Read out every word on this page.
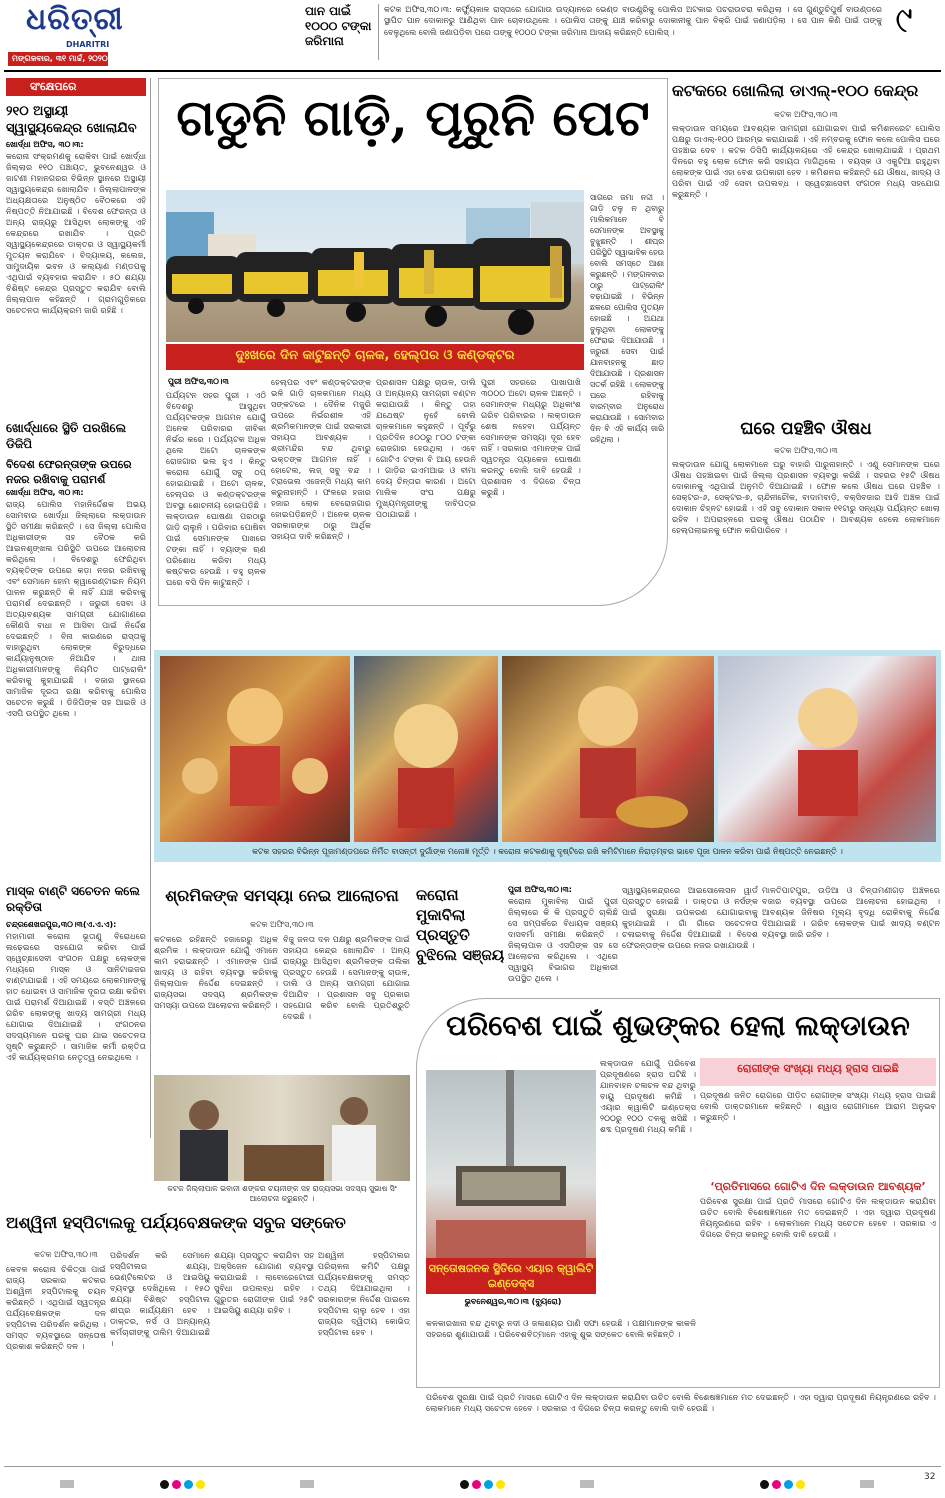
ଧରିତ୍ରୀ
DHARITRI
ମଙ୍ଗଳବାର, ୩୧ ମାର୍ଚ୍ଚ, ୨୦୨୦
ପାନ ପାଇଁ ୧୦୦୦ ଟଙ୍କା ଜରିମାନା
କଟକ ଅଫିସ,୩୦।୩: କର୍ଫ୍ୟୁକାଳ ରାସ୍ତାରେ ଯୋଗାଉ ଉଦ୍ୟାନରେ ଭେଣ୍ଡ ବାଉଣ୍ଡ୍ରିକୁ ପୋଲିସ ଅଟକାଇ ପଚରାଉଚରା କରିଥିଲା । ସେ ଗୁଣ୍ଡୁଚିପୁର୍ଷ ବାଉଣ୍ଡରେ ସ୍ଥାପିତ ପାନ ଦୋକାନରୁ ଆଣିଥିବା ପାନ ଚୋବାଉଥିଲେ । ପୋଲିସ ତାଙ୍କୁ ଯାଞ୍ଚ କରିବାରୁ ଦୋକାନୀକୁ ପାନ ବିକ୍ରି ପାଇଁ ଜଣାପଡ଼ିଲା । ସେ ପାନ କିଣି ପାଇଁ ତାଙ୍କୁ ବେଳୁଥିଲେ ବୋଲି ଜଣାପଡ଼ିବା ପରେ ତାଙ୍କୁ ୧୦୦୦ ଟଙ୍କା ଜରିମାନା ଆଦାୟ କରିଛନ୍ତି ପୋଲିସ୍ ।	୯
ସଂକ୍ଷେପରେ
୨୧୦ ଅସ୍ଥାୟୀ ସ୍ୱାସ୍ଥ୍ୟକେନ୍ଦ୍ର ଖୋଲାଯିବ
ଖୋର୍ଦ୍ଧା ଅଫିସ, ୩୦।୩:
କରୋନା ସଂକ୍ରମଣକୁ ରୋକିବା ପାଇଁ ଖୋର୍ଦ୍ଧା ଜିଲ୍ଲାର ୧୧୦ ପଞ୍ଚାୟତ, ଭୁବନେଶ୍ୱର ଓ ଜାଟଣୀ ମହାନଗରର ବିଭିନ୍ନ ସ୍ଥାନରେ ଅସ୍ଥାୟୀ ସ୍ୱାସ୍ଥ୍ୟକେନ୍ଦ୍ର ଖୋଲାଯିବ । ଜିଲ୍ଲାପାଳଙ୍କ ଅଧ୍ୟକ୍ଷତାରେ ଅନୁଷ୍ଠିତ ବୈଠକରେ ଏହି ନିଷ୍ପତ୍ତି ନିଆଯାଇଛି । ବିଦେଶ ଫେରନ୍ତା ଓ ଅନ୍ୟ ରାଜ୍ୟରୁ ଆସିଥିବା ଲୋକଙ୍କୁ ଏହି କେନ୍ଦ୍ରରେ ରଖାଯିବ । ପ୍ରତି ସ୍ୱାସ୍ଥ୍ୟକେନ୍ଦ୍ରରେ ଡାକ୍ତର ଓ ସ୍ୱାସ୍ଥ୍ୟକର୍ମୀ ମୁତୟନ କରାଯିବେ । ବିଦ୍ୟାଳୟ, କଲେଜ, ସାମୁଦାୟିକ ଭବନ ଓ କଲ୍ୟାଣ ମଣ୍ଡପକୁ ଏଥିପାଇଁ ବ୍ୟବହାର କରାଯିବ । ୫୦ ଶଯ୍ୟା ବିଶିଷ୍ଟ କେନ୍ଦ୍ର ପ୍ରସ୍ତୁତ କରାଯିବ ବୋଲି ଜିଲ୍ଲାପାଳ କହିଛନ୍ତି । ଗ୍ରାମଗୁଡ଼ିକରେ ସଚେତନତା କାର୍ଯ୍ୟକ୍ରମ ଜାରି ରହିଛି ।
ଖୋର୍ଦ୍ଧାରେ ସ୍ଥିତି ପରଖିଲେ ଡିଜିପି
ବିଦେଶ ଫେରନ୍ତାଙ୍କ ଉପରେ ନଜର ରଖିବାକୁ ପରାମର୍ଶ
ଖୋର୍ଦ୍ଧା ଅଫିସ, ୩୦।୩:
ରାଜ୍ୟ ପୋଲିସ ମହାନିର୍ଦ୍ଦେଶକ ଅଭୟ ସୋମବାର ଖୋର୍ଦ୍ଧା ଜିଲ୍ଲାରେ ଲକ୍‌ଡାଉନ ସ୍ଥିତି ସମୀକ୍ଷା କରିଛନ୍ତି । ସେ ଜିଲ୍ଲା ପୋଲିସ ଅଧିକାରୀଙ୍କ ସହ ବୈଠକ କରି ଆଇନଶୃଙ୍ଖଳା ପରିସ୍ଥିତି ଉପରେ ଆଲୋଚନା କରିଥିଲେ । ବିଦେଶରୁ ଫେରିଥିବା ବ୍ୟକ୍ତିଙ୍କ ଉପରେ କଡ଼ା ନଜର ରଖିବାକୁ ଏବଂ ସେମାନେ ହୋମ କ୍ୱାରେଣ୍ଟାଇନ ନିୟମ ପାଳନ କରୁଛନ୍ତି କି ନାହିଁ ଯାଞ୍ଚ କରିବାକୁ ପରାମର୍ଶ ଦେଇଛନ୍ତି । ଜରୁରୀ ସେବା ଓ ଅତ୍ୟାବଶ୍ୟକ ସାମଗ୍ରୀ ଯୋଗାଣରେ କୌଣସି ବାଧା ନ ଆସିବା ପାଇଁ ନିର୍ଦ୍ଦେଶ ଦେଇଛନ୍ତି । ବିନା କାରଣରେ ରାସ୍ତାକୁ ବାହାରୁଥିବା ଲୋକଙ୍କ ବିରୁଦ୍ଧରେ କାର୍ଯ୍ୟାନୁଷ୍ଠାନ ନିଆଯିବ । ଥାନା ଅଧିକାରୀମାନଙ୍କୁ ନିୟମିତ ପାଟ୍ରୋଲିଂ କରିବାକୁ କୁହାଯାଇଛି । ବଜାର ସ୍ଥାନରେ ସାମାଜିକ ଦୂରତା ରକ୍ଷା କରିବାକୁ ପୋଲିସ ସଚେତନ କରୁଛି । ଡିଜିପିଙ୍କ ସହ ଆଇଜି ଓ ଏସପି ଉପସ୍ଥିତ ଥିଲେ ।
ମାସ୍କ ବାଣ୍ଟି ସଚେତନ କଲେ ରକ୍ତିତା
ଚନ୍ଦ୍ରଶେଖରପୁର,୩୦।୩(ଏ.ଏ.ଏ):
ମହାମାରୀ କରୋନା ଭୂତାଣୁ ବିରୋଧରେ ଲଢ଼େଇରେ ସହଯୋଗ କରିବା ପାଇଁ ସ୍ୱେଚ୍ଛାସେବୀ ସଂଗଠନ ପକ୍ଷରୁ ଲୋକଙ୍କ ମଧ୍ୟରେ ମାସ୍କ ଓ ସାନିଟାଇଜର ବାଣ୍ଟାଯାଇଛି । ଏହି ସମୟରେ ଲୋକମାନଙ୍କୁ ହାତ ଧୋଇବା ଓ ସାମାଜିକ ଦୂରତା ରକ୍ଷା କରିବା ପାଇଁ ପରାମର୍ଶ ଦିଆଯାଇଛି । ବସ୍ତି ଅଞ୍ଚଳରେ ଗରିବ ଲୋକଙ୍କୁ ଖାଦ୍ୟ ସାମଗ୍ରୀ ମଧ୍ୟ ଯୋଗାଇ ଦିଆଯାଇଛି । ସଂଗଠନର ସଦସ୍ୟମାନେ ଘରକୁ ଘର ଯାଇ ସଚେତନତା ସୃଷ୍ଟି କରୁଛନ୍ତି । ସାମାଜିକ କର୍ମୀ ରକ୍ତିତା ଏହି କାର୍ଯ୍ୟକ୍ରମର ନେତୃତ୍ୱ ନେଇଥିଲେ ।
ଗଡୁନି ଗାଡ଼ି, ପୂରୁନି ପେଟ
ଦୁଃଖରେ ଦିନ କାଟୁଛନ୍ତି ଚାଳକ, ହେଲ୍‌ପର ଓ କଣ୍ଡକ୍ଟର
ସାଗରେ ଜମା ନଦ୍ଦୀ । ଗାଡ଼ି ଚଳୁ ନ ଥିବାରୁ ମାଲିକମାନେ ବି ସେମାନଙ୍କ ଅବସ୍ଥାକୁ ବୁଝୁଛନ୍ତି । ଶୀଘ୍ର ପରିସ୍ଥିତି ସ୍ୱାଭାବିକ ହେଉ ବୋଲି ସମସ୍ତେ ଆଶା କରୁଛନ୍ତି । ମଙ୍ଗଳବାର ଠାରୁ ପାଟ୍ରୋଲିଂ ବଢ଼ାଯାଇଛି । ବିଭିନ୍ନ ଛକରେ ପୋଲିସ ମୁତୟନ ହୋଇଛି । ଅଯଥା ବୁଲୁଥିବା ଲୋକଙ୍କୁ ଫେରାଇ ଦିଆଯାଉଛି । ଜରୁରୀ ସେବା ପାଇଁ ଯାନବାହନକୁ ଛାଡ଼ ଦିଆଯାଉଛି । ପ୍ରଶାସନ ସତର୍କ ରହିଛି । ଲୋକଙ୍କୁ ଘରେ ରହିବାକୁ ବାରମ୍ବାର ଅନୁରୋଧ କରାଯାଉଛି । ସୋମବାର ଦିନ ବି ଏହି କାର୍ଯ୍ୟ ଜାରି ରହିଥିଲା ।
ପୁରୀ ଅଫିସ,୩୦।୩
ପର୍ଯ୍ୟଟନ ସହର ପୁରୀ । ଏଠି ବିଦେଶରୁ ଆସୁଥିବା ପର୍ଯ୍ୟଟକଙ୍କ ଆଗମନ ଯୋଗୁଁ ଅନେକ ପରିବାରର ଜୀବିକା ନିର୍ଭର କରେ । ପର୍ଯ୍ୟଟକ ଅଧିକ ଥିଲେ ଅଟୋ ଚାଳକଙ୍କ ରୋଜଗାର ଭଲ ହୁଏ । କିନ୍ତୁ କରୋନା ଯୋଗୁଁ ସବୁ ଠପ୍ ହୋଇଯାଇଛି । ଅଟୋ ଚାଳକ, ହେଲ୍‌ପର ଓ କଣ୍ଡକ୍ଟରଙ୍କ ଅବସ୍ଥା ଶୋଚନୀୟ ହୋଇପଡ଼ିଛି । ଲକ୍‌ଡାଉନ ଘୋଷଣା ପରଠାରୁ ଗାଡ଼ି ଚାଲୁନି । ପରିବାର ପୋଷିବା ପାଇଁ ସେମାନଙ୍କ ପାଖରେ ଟଙ୍କା ନାହିଁ । ବ୍ୟାଙ୍କ ଋଣ ପରିଶୋଧ କରିବା ମଧ୍ୟ କଷ୍ଟକର ହେଉଛି । ବହୁ ଚାଳକ ଘରେ ବସି ଦିନ କାଟୁଛନ୍ତି ।
ହେଲ୍‌ପର ଏବଂ କଣ୍ଡକ୍ଟରଙ୍କ ଭଳି ଗାଡ଼ି ଚାଳକମାନେ ମଧ୍ୟ ସଙ୍କଟରେ । ଦୈନିକ ମଜୁରି ଉପରେ ନିର୍ଭରଶୀଳ ଏହି ଶ୍ରମିକମାନଙ୍କ ପାଇଁ ସରକାରୀ ସହାୟତା ଆବଶ୍ୟକ । ଶ୍ରୀମନ୍ଦିର ବନ୍ଦ ଥିବାରୁ ଭକ୍ତଙ୍କ ଆଗମନ ନାହିଁ । ହୋଟେଲ, ଲଜ୍ ସବୁ ବନ୍ଦ । ଟ୍ରାଭେଲ ଏଜେନ୍ସି ମଧ୍ୟ କାମ କରୁନାହାନ୍ତି । ଫଳରେ ହଜାର ହଜାର ଲୋକ ବେରୋଜଗାର ହୋଇପଡ଼ିଛନ୍ତି । ଅନେକ ଚାଳକ ସରକାରଙ୍କ ଠାରୁ ଆର୍ଥିକ ସହାୟତା ଦାବି କରିଛନ୍ତି ।
ପ୍ରଶାସନ ପକ୍ଷରୁ ଚାଉଳ, ଡାଲି ଓ ଅନ୍ୟାନ୍ୟ ସାମଗ୍ରୀ ବଣ୍ଟନ କରାଯାଉଛି । କିନ୍ତୁ ତାହା ଯଥେଷ୍ଟ ନୁହେଁ ବୋଲି ଚାଳକମାନେ କହୁଛନ୍ତି । ପୂର୍ବରୁ ପ୍ରତିଦିନ ୫୦୦ରୁ ୮୦୦ ଟଙ୍କା ରୋଜଗାର ହେଉଥିଲା । ଏବେ ଗୋଟିଏ ଟଙ୍କା ବି ଆୟ ହେଉନି । ଗାଡ଼ିର ଇଏମଆଇ ଓ ବୀମା ଦେୟ ଚିନ୍ତାର କାରଣ । ଅଟୋ ମାଲିକ ସଂଘ ପକ୍ଷରୁ ମୁଖ୍ୟମନ୍ତ୍ରୀଙ୍କୁ ଦାବିପତ୍ର ପଠାଯାଇଛି ।
ପୁରୀ ସହରରେ ପାଖାପାଖି ୩୦୦୦ ଅଟୋ ଚାଳକ ଅଛନ୍ତି । ସେମାନଙ୍କ ମଧ୍ୟରୁ ଅଧିକାଂଶ ଗରିବ ପରିବାରର । ଲକ୍‌ଡାଉନ ଶେଷ ନହେବା ପର୍ଯ୍ୟନ୍ତ ସେମାନଙ୍କ ସମସ୍ୟା ଦୂର ହେବ ନାହିଁ । ସରକାର ଏମାନଙ୍କ ପାଇଁ ସ୍ୱତନ୍ତ୍ର ପ୍ୟାକେଜ ଘୋଷଣା କରନ୍ତୁ ବୋଲି ଦାବି ହେଉଛି । ପ୍ରଶାସନ ଏ ଦିଗରେ ଚିନ୍ତା କରୁଛି ।
କଟକରେ ଖୋଲିଲା ଡାଏଲ୍-୧୦୦ କେନ୍ଦ୍ର
କଟକ ଅଫିସ,୩୦।୩
ଲକ୍‌ଡାଉନ ସମୟରେ ଆବଶ୍ୟକ ସାମଗ୍ରୀ ଯୋଗାଇବା ପାଇଁ କମିଶନରେଟ ପୋଲିସ ପକ୍ଷରୁ ଡାଏଲ୍-୧୦୦ ଆରମ୍ଭ କରାଯାଇଛି । ଏହି ନମ୍ବରକୁ ଫୋନ କଲେ ପୋଲିସ ଘରେ ପହଞ୍ଚାଇ ଦେବ । କଟକ ଡିସିପି କାର୍ଯ୍ୟାଳୟରେ ଏହି କେନ୍ଦ୍ର ଖୋଲାଯାଇଛି । ପ୍ରଥମ ଦିନରେ ବହୁ ଲୋକ ଫୋନ କରି ସହାୟତା ମାଗିଥିଲେ । ବୟସ୍କ ଓ ଏକୁଟିଆ ରହୁଥିବା ଲୋକଙ୍କ ପାଇଁ ଏହା ବେଶ ଉପକାରୀ ହେବ । କମିଶନର କହିଛନ୍ତି ଯେ ଔଷଧ, ଖାଦ୍ୟ ଓ ପରିବା ପାଇଁ ଏହି ସେବା ଉପଲବ୍ଧ । ସ୍ୱେଚ୍ଛାସେବୀ ସଂଗଠନ ମଧ୍ୟ ସହଯୋଗ କରୁଛନ୍ତି ।
ଘରେ ପହଞ୍ଚିବ ଔଷଧ
କଟକ ଅଫିସ,୩୦।୩
ଲକ୍‌ଡାଉନ ଯୋଗୁ ଲୋକମାନେ ଘରୁ ବାହାରି ପାରୁନାହାନ୍ତି । ଏଣୁ ସେମାନଙ୍କ ଘରେ ଔଷଧ ପହଞ୍ଚାଇବା ପାଇଁ ଜିଲ୍ଲା ପ୍ରଶାସନ ବ୍ୟବସ୍ଥା କରିଛି । ସହରର ୧୫ଟି ଔଷଧ ଦୋକାନକୁ ଏଥିପାଇଁ ଅନୁମତି ଦିଆଯାଇଛି । ଫୋନ କଲେ ଔଷଧ ଘରେ ପହଞ୍ଚିବ । ସେକ୍ଟର-୬, ସେକ୍ଟର-୭, ଚାନ୍ଦିନୀଚୌକ, ବାଦାମବାଡ଼ି, ବକ୍ସିବଜାର ଆଦି ଅଞ୍ଚଳ ପାଇଁ ଦୋକାନ ଚିହ୍ନଟ ହୋଇଛି । ଏହି ସବୁ ଦୋକାନ ସକାଳ ୧୧ଟାରୁ ସନ୍ଧ୍ୟା ପର୍ଯ୍ୟନ୍ତ ଖୋଲା ରହିବ । ଅପରାହ୍ନରେ ଘରକୁ ଔଷଧ ପଠାଯିବ । ଆବଶ୍ୟକ ହେଲେ ଲୋକମାନେ ହେଲ୍ପଲାଇନକୁ ଫୋନ କରିପାରିବେ ।
କଟକ ସହରର ବିଭିନ୍ନ ପୂଜାମଣ୍ଡପରେ ନିର୍ମିତ ବାସନ୍ତୀ ଦୁର୍ଗାଙ୍କ ମନୋଜ୍ଞ ମୂର୍ତ୍ତି । କରୋନା କଟକଣାକୁ ଦୃଷ୍ଟିରେ ରଖି କମିଟିମାନେ ନିରାଡ଼ମ୍ବର ଭାବେ ପୂଜା ପାଳନ କରିବା ପାଇଁ ନିଷ୍ପତ୍ତି ନେଇଛନ୍ତି ।
ଶ୍ରମିକଙ୍କ ସମସ୍ୟା ନେଇ ଆଲୋଚନା
କଟକ ଅଫିସ,୩୦।୩
କଟକରେ ରହିଛନ୍ତି ହଜାରେରୁ ଅଧିକ ଶ୍ରମିକ । ଲକ୍‌ଡାଉନ ଯୋଗୁଁ ଏମାନେ କାମ ହରାଇଛନ୍ତି । ଏମାନଙ୍କ ପାଇଁ ଖାଦ୍ୟ ଓ ରହିବା ବ୍ୟବସ୍ଥା କରିବାକୁ ଜିଲ୍ଲାପାଳ ନିର୍ଦ୍ଦେଶ ଦେଇଛନ୍ତି । ରାଜ୍ୟସଭା ସଦସ୍ୟ ଶ୍ରମିକଙ୍କ ସମସ୍ୟା ଉପରେ ଆଲୋଚନା କରିଛନ୍ତି ।
ବିଜୁ ଜନତା ଦଳ ପକ୍ଷରୁ ଶ୍ରମିକଙ୍କ ପାଇଁ ସହାୟତା କେନ୍ଦ୍ର ଖୋଲାଯିବ । ଅନ୍ୟ ରାଜ୍ୟରୁ ଆସିଥିବା ଶ୍ରମିକଙ୍କ ତାଲିକା ପ୍ରସ୍ତୁତ ହେଉଛି । ସେମାନଙ୍କୁ ଚାଉଳ, ଡାଲି ଓ ଅନ୍ୟ ସାମଗ୍ରୀ ଯୋଗାଇ ଦିଆଯିବ । ପ୍ରଶାସନ ସବୁ ପ୍ରକାର ସହଯୋଗ କରିବ ବୋଲି ପ୍ରତିଶ୍ରୁତି ଦେଇଛି ।
କଟକ ଜିଲ୍ଲାପାଳ ଭବାନୀ ଶଙ୍କର ଚୟନୀଙ୍କ ସହ ରାଜ୍ୟସଭା ସଦସ୍ୟ ସୁଭାଷ ସିଂ ଆଲୋଚନା କରୁଛନ୍ତି ।
କରୋନା ମୁକାବିଲା ପ୍ରସ୍ତୁତି ବୁଝିଲେ ସଞ୍ଜୟ
ପୁରୀ ଅଫିସ,୩୦।୩:
କରୋନା ମୁକାବିଲା ପାଇଁ ପୁରୀ ଜିଲ୍ଲାରେ କି କି ପ୍ରସ୍ତୁତି ଚାଲିଛି ସେ ସମ୍ପର୍କରେ ବିଧାୟକ ସଞ୍ଜୟ ଦାସବର୍ମା ସମୀକ୍ଷା କରିଛନ୍ତି । ଜିଲ୍ଲାପାଳ ଓ ଏସପିଙ୍କ ସହ ସେ ଆଲୋଚନା କରିଥିଲେ । ଏଥିରେ ସ୍ୱାସ୍ଥ୍ୟ ବିଭାଗର ଅଧିକାରୀ ଉପସ୍ଥିତ ଥିଲେ ।
ସ୍ୱାସ୍ଥ୍ୟକେନ୍ଦ୍ରରେ ଆଇସୋଲେସନ ୱାର୍ଡ ପ୍ରସ୍ତୁତ ହୋଇଛି । ଡାକ୍ତର ଓ ନର୍ସଙ୍କ ପାଇଁ ସୁରକ୍ଷା ଉପକରଣ ଯୋଗାଇବାକୁ କୁହାଯାଇଛି । ଗାଁ ଗାଁରେ ସଚେତନତା ଚଳାଇବାକୁ ନିର୍ଦ୍ଦେଶ ଦିଆଯାଇଛି । ବିଦେଶ ଫେରନ୍ତାଙ୍କ ଉପରେ ନଜର ରଖାଯାଉଛି ।
ମାଳତିପାଟପୁର, ଉଡ଼ିଆ ଓ ଚିନ୍ତାମଣୀଗଡ଼ ଅଞ୍ଚଳରେ ବଜାର ବ୍ୟବସ୍ଥା ଉପରେ ଆଲୋଚନା ହୋଇଥିଲା । ଆବଶ୍ୟକ ଜିନିଷର ମୂଲ୍ୟ ବୃଦ୍ଧି ରୋକିବାକୁ ନିର୍ଦ୍ଦେଶ ଦିଆଯାଇଛି । ଗରିବ ଲୋକଙ୍କ ପାଇଁ ଖାଦ୍ୟ ବଣ୍ଟନ ବ୍ୟବସ୍ଥା ଜାରି ରହିବ ।
ପରିବେଶ ପାଇଁ ଶୁଭଙ୍କର ହେଲା ଲକ୍‌ଡାଉନ
ସନ୍ତୋଷଜନକ ସ୍ଥିତିରେ ଏୟାର କ୍ୱାଲିଟି ଇଣ୍ଡେକ୍ସ
ଭୁବନେଶ୍ୱର,୩୦।୩ (ବ୍ୟୁରୋ)
ଲକ୍‌ଡାଉନ ଯୋଗୁଁ ପରିବେଶ ପ୍ରଦୂଷଣରେ ହ୍ରାସ ଘଟିଛି । ଯାନବାହନ ଚଳାଚଳ ବନ୍ଦ ଥିବାରୁ ବାୟୁ ପ୍ରଦୂଷଣ କମିଛି । ଏୟାର କ୍ୱାଲିଟି ଇଣ୍ଡେକ୍ସ ୨୦୦ରୁ ୧୦୦ ତଳକୁ ଖସିଛି । ଶବ୍ଦ ପ୍ରଦୂଷଣ ମଧ୍ୟ କମିଛି ।
ରୋଗୀଙ୍କ ସଂଖ୍ୟା ମଧ୍ୟ ହ୍ରାସ ପାଇଛି
ପ୍ରଦୂଷଣ ଜନିତ ରୋଗରେ ପୀଡ଼ିତ ରୋଗୀଙ୍କ ସଂଖ୍ୟା ମଧ୍ୟ ହ୍ରାସ ପାଇଛି ବୋଲି ଡାକ୍ତରମାନେ କହିଛନ୍ତି । ଶ୍ୱାସ ରୋଗୀମାନେ ଆରାମ ଅନୁଭବ କରୁଛନ୍ତି ।
‘ପ୍ରତିମାସରେ ଗୋଟିଏ ଦିନ ଲକ୍‌ଡାଉନ ଆବଶ୍ୟକ’
ପରିବେଶ ସୁରକ୍ଷା ପାଇଁ ପ୍ରତି ମାସରେ ଗୋଟିଏ ଦିନ ଲକ୍‌ଡାଉନ କରାଯିବା ଉଚିତ ବୋଲି ବିଶେଷଜ୍ଞମାନେ ମତ ଦେଇଛନ୍ତି । ଏହା ଦ୍ୱାରା ପ୍ରଦୂଷଣ ନିୟନ୍ତ୍ରଣରେ ରହିବ । ଲୋକମାନେ ମଧ୍ୟ ସଚେତନ ହେବେ । ସରକାର ଏ ଦିଗରେ ଚିନ୍ତା କରନ୍ତୁ ବୋଲି ଦାବି ହେଉଛି ।
କଳକାରଖାନା ବନ୍ଦ ଥିବାରୁ ନଦୀ ଓ ଜଳାଶୟର ପାଣି ସଫା ହେଉଛି । ପକ୍ଷୀମାନଙ୍କ କାକଳି ସହରରେ ଶୁଣାଯାଉଛି । ପରିବେଶବିତ୍‌ମାନେ ଏହାକୁ ଶୁଭ ସଙ୍କେତ ବୋଲି କହିଛନ୍ତି ।
ଅଶ୍ୱିନୀ ହସ୍ପିଟାଲକୁ ପର୍ଯ୍ୟବେକ୍ଷକଙ୍କ ସବୁଜ ସଙ୍କେତ
କଟକ ଅଫିସ,୩୦।୩
କେବଳ କରୋନା ଚିକିତ୍ସା ପାଇଁ ରାଜ୍ୟ ସରକାର କଟକର ଅଶ୍ୱିନୀ ହସ୍ପିଟାଲକୁ ଚୟନ କରିଛନ୍ତି । ଏଥିପାଇଁ ସ୍ୱତନ୍ତ୍ର ପର୍ଯ୍ୟବେକ୍ଷକଙ୍କ ଦଳ ହସ୍ପିଟାଲ ପରିଦର୍ଶନ କରିଥିଲା । ସମସ୍ତ ବ୍ୟବସ୍ଥାରେ ସନ୍ତୋଷ ପ୍ରକାଶ କରିଛନ୍ତି ଦଳ ।
ପରିଦର୍ଶନ କରି ସେମାନେ ହସ୍ପିଟାଲର ଶଯ୍ୟା, ଭେଣ୍ଟିଲେଟର ଓ ଆଇସିୟୁ ବ୍ୟବସ୍ଥା ଦେଖିଥିଲେ । ୧୫୦ ଶଯ୍ୟା ବିଶିଷ୍ଟ ହସ୍ପିଟାଲ ଶୀଘ୍ର କାର୍ଯ୍ୟକ୍ଷମ ହେବ । ଡାକ୍ତର, ନର୍ସ ଓ ଅନ୍ୟାନ୍ୟ କର୍ମଚାରୀଙ୍କୁ ତାଲିମ ଦିଆଯାଇଛି ।
ଶଯ୍ୟା ପ୍ରସ୍ତୁତ କରାଯିବା ସହ ଅକ୍ସିଜେନ ଯୋଗାଣ ବ୍ୟବସ୍ଥା କରାଯାଇଛି । ଲାବୋରେଟୋରୀ ସୁବିଧା ଉପଲବ୍ଧ ରହିବ । ଗୁରୁତର ରୋଗୀଙ୍କ ପାଇଁ ୨୫ଟି ଆଇସିୟୁ ଶଯ୍ୟା ରହିବ ।
ଅଶ୍ୱିନୀ ହସ୍ପିଟାଲର ପରିଚାଳନା କମିଟି ପକ୍ଷରୁ ପର୍ଯ୍ୟବେକ୍ଷକଙ୍କୁ ସମସ୍ତ ତଥ୍ୟ ଦିଆଯାଇଥିଲା । ସରକାରଙ୍କ ନିର୍ଦ୍ଦେଶ ପାଇଲେ ହସ୍ପିଟାଲ ଚାଲୁ ହେବ । ଏହା ରାଜ୍ୟର ଦ୍ୱିତୀୟ କୋଭିଡ୍ ହସ୍ପିଟାଲ ହେବ ।
ପରିବେଶ ସୁରକ୍ଷା ପାଇଁ ପ୍ରତି ମାସରେ ଗୋଟିଏ ଦିନ ଲକ୍‌ଡାଉନ କରାଯିବା ଉଚିତ ବୋଲି ବିଶେଷଜ୍ଞମାନେ ମତ ଦେଇଛନ୍ତି । ଏହା ଦ୍ୱାରା ପ୍ରଦୂଷଣ ନିୟନ୍ତ୍ରଣରେ ରହିବ । ଲୋକମାନେ ମଧ୍ୟ ସଚେତନ ହେବେ । ସରକାର ଏ ଦିଗରେ ଚିନ୍ତା କରନ୍ତୁ ବୋଲି ଦାବି ହେଉଛି ।
32
